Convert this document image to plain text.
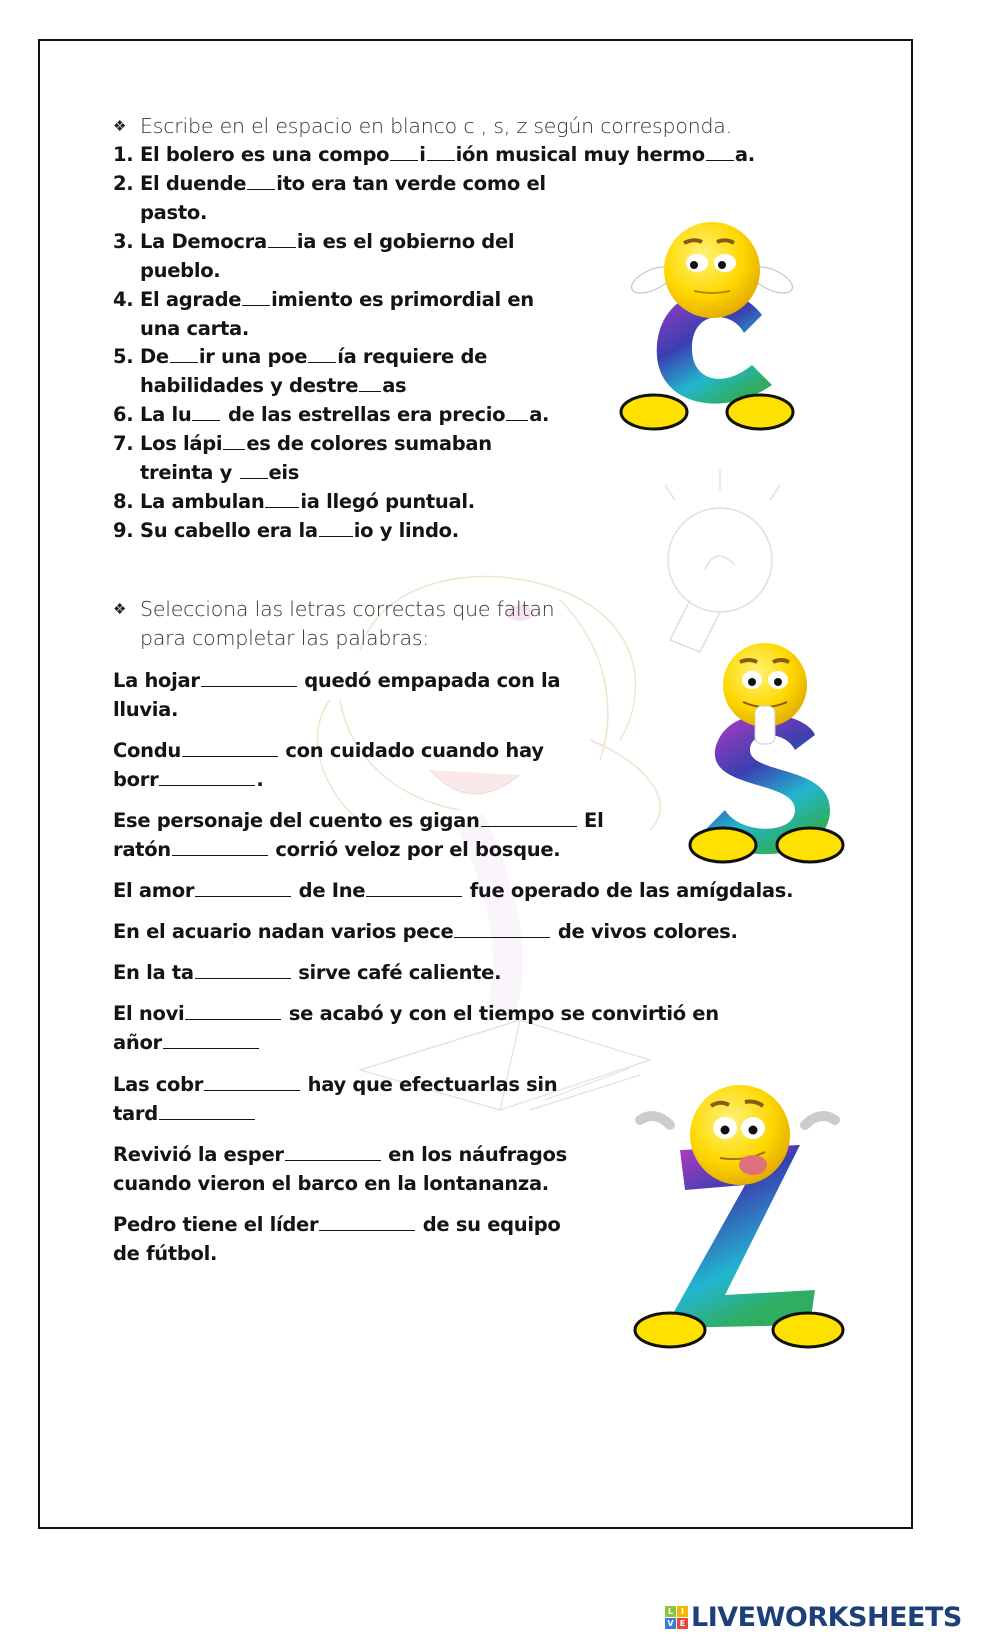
❖ Escribe en el espacio en blanco c , s, z según corresponda.
1. El bolero es una compo i ión musical muy hermo a.
2. El duende ito era tan verde como el
pasto.
3. La Democra ia es el gobierno del
pueblo.
4. El agrade imiento es primordial en
una carta.
5. De ir una poe ía requiere de
habilidades y destre as
6. La lu de las estrellas era precio a.
7. Los lápi es de colores sumaban
treinta y eis
8. La ambulan ia llegó puntual.
9. Su cabello era la io y lindo.
❖ Selecciona las letras correctas que faltan
para completar las palabras:
La hojar	quedó empapada con la
lluvia.
Condu	con cuidado cuando hay
borr	.
Ese personaje del cuento es gigan	El
ratón	corrió veloz por el bosque.
El amor	de Ine	fue operado de las amígdalas.
En el acuario nadan varios pece	de vivos colores.
En la ta	sirve café caliente.
El novi	se acabó y con el tiempo se convirtió en
añor
Las cobr	hay que efectuarlas sin
tard
Revivió la esper	en los náufragos
cuando vieron el barco en la lontananza.
Pedro tiene el líder	de su equipo
de fútbol.
L I
V E LIVEWORKSHEETS
